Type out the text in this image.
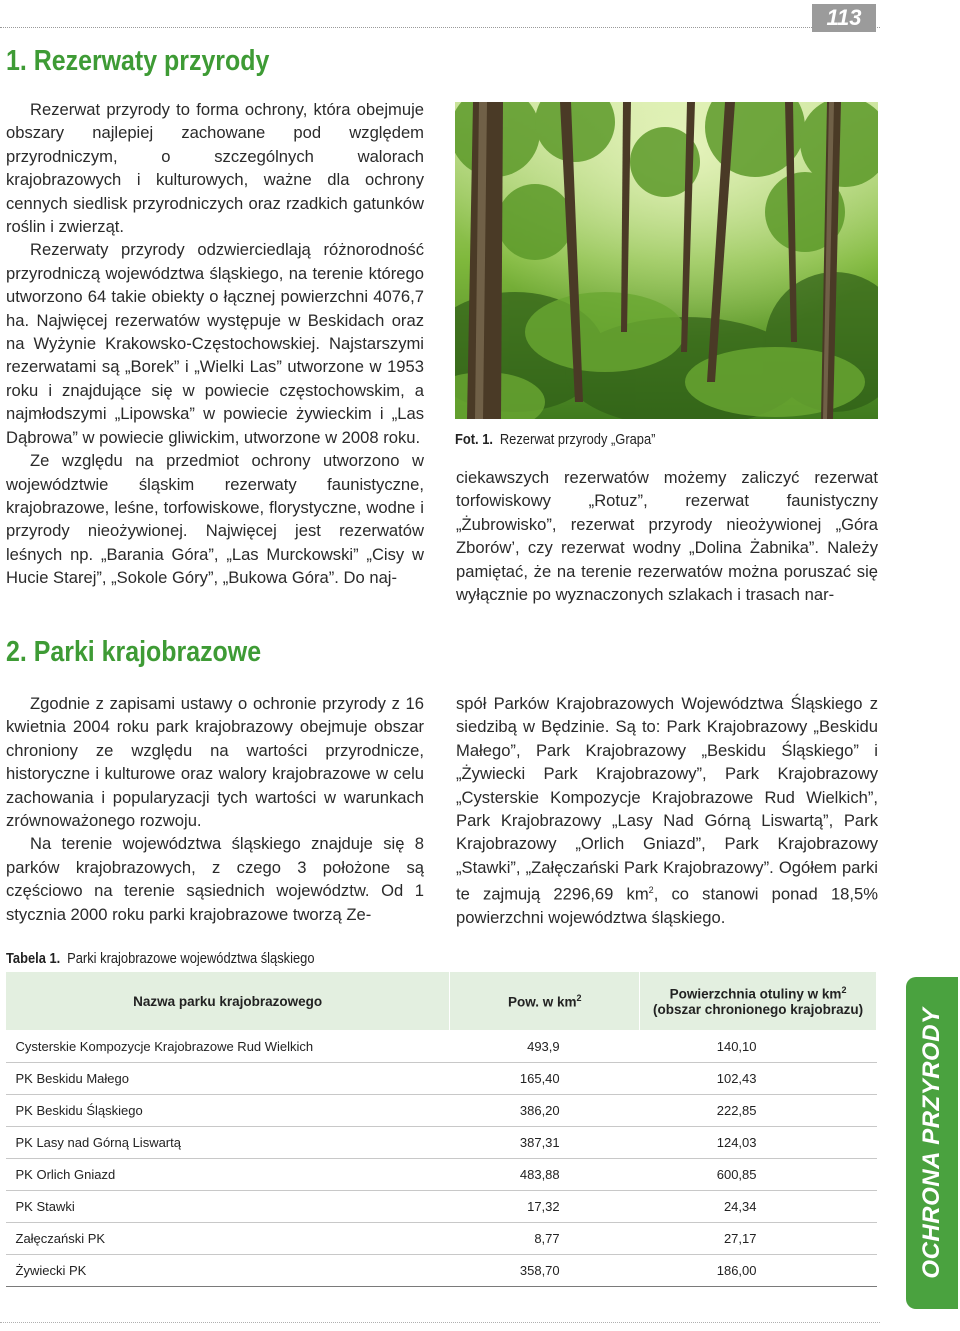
113
1. Rezerwaty przyrody

Rezerwat przyrody to forma ochrony, która obejmuje obszary najlepiej zachowane pod względem przyrodniczym, o szczególnych walorach krajobrazowych i kulturowych, ważne dla ochrony cennych siedlisk przyrodniczych oraz rzadkich gatunków roślin i zwierząt.

Rezerwaty przyrody odzwierciedlają różnorodność przyrodniczą województwa śląskiego, na terenie którego utworzono 64 takie obiekty o łącznej powierzchni 4076,7 ha. Najwięcej rezerwatów występuje w Beskidach oraz na Wyżynie Krakowsko-Częstochowskiej. Najstarszymi rezerwatami są „Borek” i „Wielki Las” utworzone w 1953 roku i znajdujące się w powiecie częstochowskim, a najmłodszymi „Lipowska” w powiecie żywieckim i „Las Dąbrowa” w powiecie gliwickim, utworzone w 2008 roku.

Ze względu na przedmiot ochrony utworzono w województwie śląskim rezerwaty faunistyczne, krajobrazowe, leśne, torfowiskowe, florystyczne, wodne i przyrody nieożywionej. Najwięcej jest rezerwatów leśnych np. „Barania Góra”, „Las Murckowski” „Cisy w Hucie Starej”, „Sokole Góry”, „Bukowa Góra”. Do naj-

Fot. 1. Rezerwat przyrody „Grapa”

ciekawszych rezerwatów możemy zaliczyć rezerwat torfowiskowy „Rotuz”, rezerwat faunistyczny „Żubrowisko”, rezerwat przyrody nieożywionej „Góra Zborów’, czy rezerwat wodny „Dolina Żabnika”. Należy pamiętać, że na terenie rezerwatów można poruszać się wyłącznie po wyznaczonych szlakach i trasach nar-

2. Parki krajobrazowe

Zgodnie z zapisami ustawy o ochronie przyrody z 16 kwietnia 2004 roku park krajobrazowy obejmuje obszar chroniony ze względu na wartości przyrodnicze, historyczne i kulturowe oraz walory krajobrazowe w celu zachowania i popularyzacji tych wartości w warunkach zrównoważonego rozwoju.

Na terenie województwa śląskiego znajduje się 8 parków krajobrazowych, z czego 3 położone są częściowo na terenie sąsiednich województw. Od 1 stycznia 2000 roku parki krajobrazowe tworzą Ze-

spół Parków Krajobrazowych Województwa Śląskiego z siedzibą w Będzinie. Są to: Park Krajobrazowy „Beskidu Małego”, Park Krajobrazowy „Beskidu Śląskiego” i „Żywiecki Park Krajobrazowy”, Park Krajobrazowy „Cysterskie Kompozycje Krajobrazowe Rud Wielkich”, Park Krajobrazowy „Lasy Nad Górną Liswartą”, Park Krajobrazowy „Orlich Gniazd”, Park Krajobrazowy „Stawki”, „Załęczański Park Krajobrazowy”. Ogółem parki te zajmują 2296,69 $km^2$, co stanowi ponad 18,5% powierzchni województwa śląskiego.

Tabela 1. Parki krajobrazowe województwa śląskiego
Nazwa parku krajobrazowego	Pow. w $km^2$	Powierzchnia otuliny w $km^2$
(obszar chronionego krajobrazu)
Cysterskie Kompozycje Krajobrazowe Rud Wielkich	493,9	140,10
PK Beskidu Małego	165,40	102,43
PK Beskidu Śląskiego	386,20	222,85
PK Lasy nad Górną Liswartą	387,31	124,03
PK Orlich Gniazd	483,88	600,85
PK Stawki	17,32	24,34
Załęczański PK	8,77	27,17
Żywiecki PK	358,70	186,00	OCHRONA PRZYRODY
